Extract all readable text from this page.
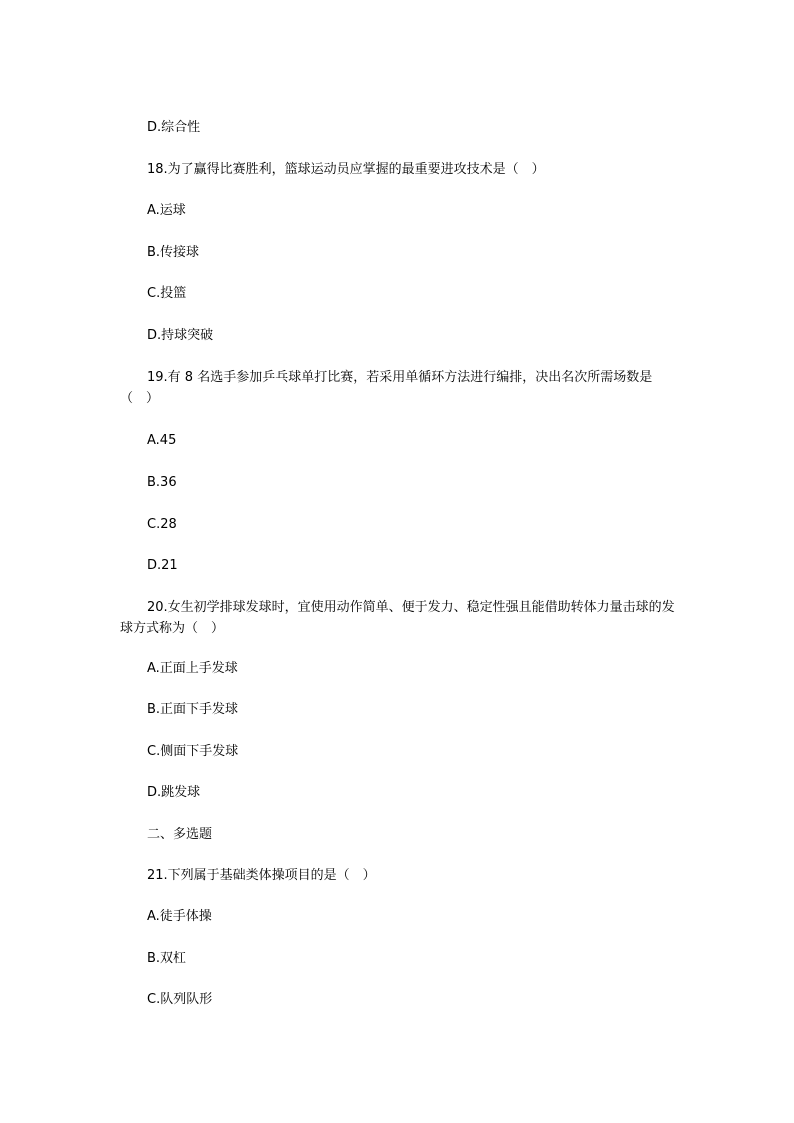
D.综合性

18.为了赢得比赛胜利，篮球运动员应掌握的最重要进攻技术是（　）

A.运球

B.传接球

C.投篮

D.持球突破

19.有 8 名选手参加乒乓球单打比赛，若采用单循环方法进行编排，决出名次所需场数是（　）

A.45

B.36

C.28

D.21

20.女生初学排球发球时，宜使用动作简单、便于发力、稳定性强且能借助转体力量击球的发球方式称为（　）

A.正面上手发球

B.正面下手发球

C.侧面下手发球

D.跳发球

二、多选题

21.下列属于基础类体操项目的是（　）

A.徒手体操

B.双杠

C.队列队形
